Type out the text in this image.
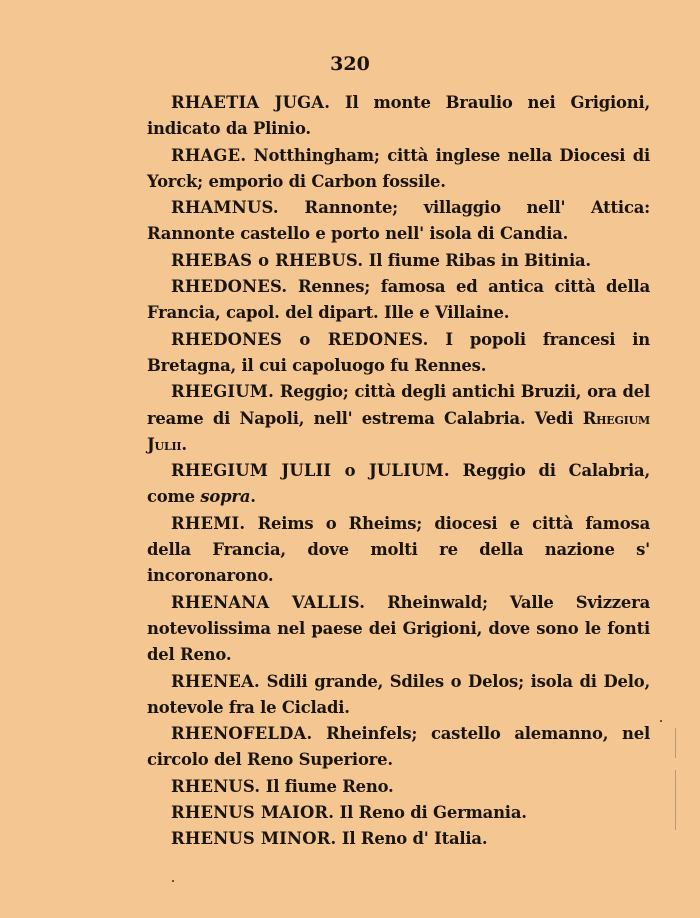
320

RHAETIA JUGA. Il monte Braulio nei Grigioni, indicato da Plinio.

RHAGE. Notthingham; città inglese nella Diocesi di Yorck; emporio di Carbon fossile.

RHAMNUS. Rannonte; villaggio nell' Attica: Rannonte castello e porto nell' isola di Candia.

RHEBAS o RHEBUS. Il fiume Ribas in Bitinia.

RHEDONES. Rennes; famosa ed antica città della Francia, capol. del dipart. Ille e Villaine.

RHEDONES o REDONES. I popoli francesi in Bretagna, il cui capoluogo fu Rennes.

RHEGIUM. Reggio; città degli antichi Bruzii, ora del reame di Napoli, nell' estrema Calabria. Vedi Rhegium Julii.

RHEGIUM JULII o JULIUM. Reggio di Calabria, come sopra.

RHEMI. Reims o Rheims; diocesi e città famosa della Francia, dove molti re della nazione s' incoronarono.

RHENANA VALLIS. Rheinwald; Valle Svizzera notevolissima nel paese dei Grigioni, dove sono le fonti del Reno.

RHENEA. Sdili grande, Sdiles o Delos; isola di Delo, notevole fra le Cicladi.

RHENOFELDA. Rheinfels; castello alemanno, nel circolo del Reno Superiore.

RHENUS. Il fiume Reno.

RHENUS MAIOR. Il Reno di Germania.

RHENUS MINOR. Il Reno d' Italia.
